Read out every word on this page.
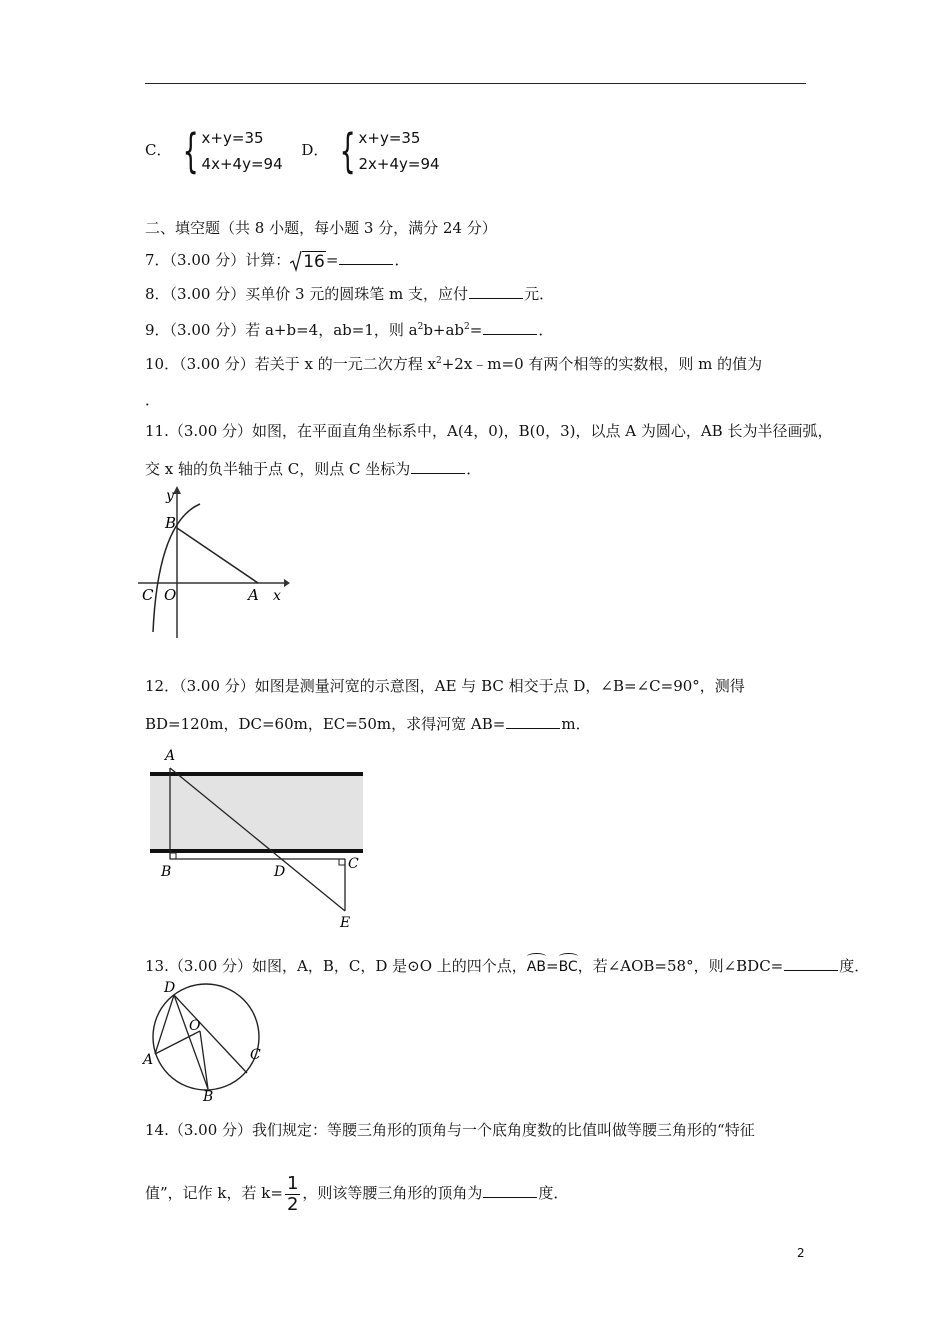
C． { x+y=35
4x+4y=94
D． { x+y=35
2x+4y=94
二、填空题（共 8 小题，每小题 3 分，满分 24 分）
7．（3.00 分）计算： 16 =	．
8．（3.00 分）买单价 3 元的圆珠笔 m 支，应付	元．
9．（3.00 分）若 a+b=4，ab=1，则 $a^2b+ab^2=$	．
10．（3.00 分）若关于 x 的一元二次方程 $x^2+2x﹣m=0$ 有两个相等的实数根，则 m 的值为
．
11.（3.00 分）如图，在平面直角坐标系中，A(4，0)，B(0，3)，以点 A 为圆心，AB 长为半径画弧，
交 x 轴的负半轴于点 C，则点 C 坐标为	．
y
B
C O	A x
12．（3.00 分）如图是测量河宽的示意图，AE 与 BC 相交于点 D，∠B=∠C=90°，测得
BD=120m，DC=60m，EC=50m，求得河宽 AB=	m．
A
B	D	C
E
13.（3.00 分）如图，A，B，C，D 是⊙O 上的四个点，AB=BC，若∠AOB=58°，则∠BDC=	度．
D
O
A	C
B
14.（3.00 分）我们规定：等腰三角形的顶角与一个底角度数的比值叫做等腰三角形的“特征
值”，记作 k，若 $k= \frac{1}{2}$ ，则该等腰三角形的顶角为	度．
2
